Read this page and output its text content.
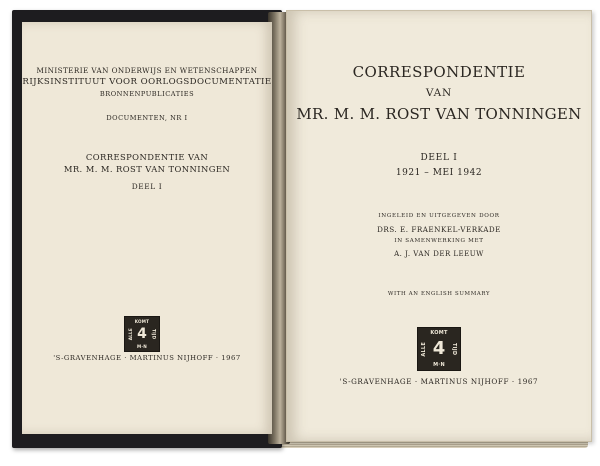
MINISTERIE VAN ONDERWIJS EN WETENSCHAPPEN
RIJKSINSTITUUT VOOR OORLOGSDOCUMENTATIE
BRONNENPUBLICATIES
DOCUMENTEN, NR I
CORRESPONDENTIE VAN
MR. M. M. ROST VAN TONNINGEN
DEEL I
KOMT
ALLE 4 TIJD
M·N
'S-GRAVENHAGE · MARTINUS NIJHOFF · 1967
CORRESPONDENTIE
VAN
MR. M. M. ROST VAN TONNINGEN
DEEL I
1921 – MEI 1942
INGELEID EN UITGEGEVEN DOOR
DRS. E. FRAENKEL-VERKADE
IN SAMENWERKING MET
A. J. VAN DER LEEUW
WITH AN ENGLISH SUMMARY
KOMT
ALLE 4 TIJD
M·N
'S-GRAVENHAGE · MARTINUS NIJHOFF · 1967
